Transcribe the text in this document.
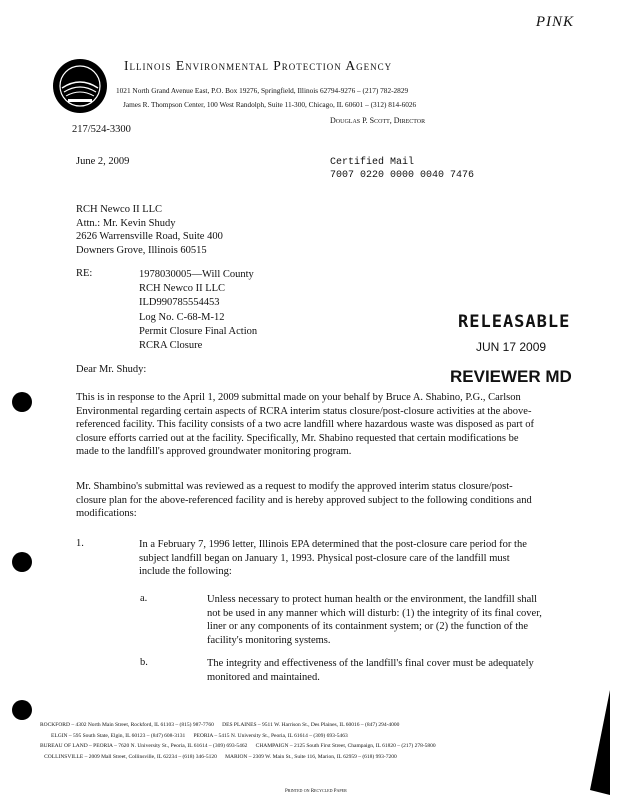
PINK
Illinois Environmental Protection Agency
1021 North Grand Avenue East, P.O. Box 19276, Springfield, Illinois 62794-9276 – (217) 782-2829
James R. Thompson Center, 100 West Randolph, Suite 11-300, Chicago, IL 60601 – (312) 814-6026
Douglas P. Scott, Director
217/524-3300
June 2, 2009	Certified Mail
7007 0220 0000 0040 7476
RCH Newco II LLC
Attn.: Mr. Kevin Shudy
2626 Warrensville Road, Suite 400
Downers Grove, Illinois 60515
RE:	1978030005—Will County
RCH Newco II LLC
ILD990785554453
Log No. C-68-M-12
Permit Closure Final Action
RCRA Closure
RELEASABLE
JUN 17 2009
REVIEWER MD
Dear Mr. Shudy:
This is in response to the April 1, 2009 submittal made on your behalf by Bruce A. Shabino, P.G., Carlson Environmental regarding certain aspects of RCRA interim status closure/post-closure activities at the above-referenced facility. This facility consists of a two acre landfill where hazardous waste was disposed as part of closure efforts carried out at the facility. Specifically, Mr. Shabino requested that certain modifications be made to the landfill's approved groundwater monitoring program.
Mr. Shambino's submittal was reviewed as a request to modify the approved interim status closure/post-closure plan for the above-referenced facility and is hereby approved subject to the following conditions and modifications:
1.	In a February 7, 1996 letter, Illinois EPA determined that the post-closure care period for the subject landfill began on January 1, 1993. Physical post-closure care of the landfill must include the following:
a.	Unless necessary to protect human health or the environment, the landfill shall not be used in any manner which will disturb: (1) the integrity of its final cover, liner or any components of its containment system; or (2) the function of the facility's monitoring systems.
b.	The integrity and effectiveness of the landfill's final cover must be adequately monitored and maintained.
ROCKFORD – 4302 North Main Street, Rockford, IL 61103 – (815) 987-7760      DES PLAINES – 9511 W. Harrison St., Des Plaines, IL 60016 – (847) 294-4000
ELGIN – 595 South State, Elgin, IL 60123 – (847) 608-3131      PEORIA – 5415 N. University St., Peoria, IL 61614 – (309) 693-5463
BUREAU OF LAND – PEORIA – 7620 N. University St., Peoria, IL 61614 – (309) 693-5462      CHAMPAIGN – 2125 South First Street, Champaign, IL 61820 – (217) 278-5800
COLLINSVILLE – 2009 Mall Street, Collinsville, IL 62234 – (618) 346-5120      MARION – 2309 W. Main St., Suite 116, Marion, IL 62959 – (618) 993-7200
Printed on Recycled Paper
